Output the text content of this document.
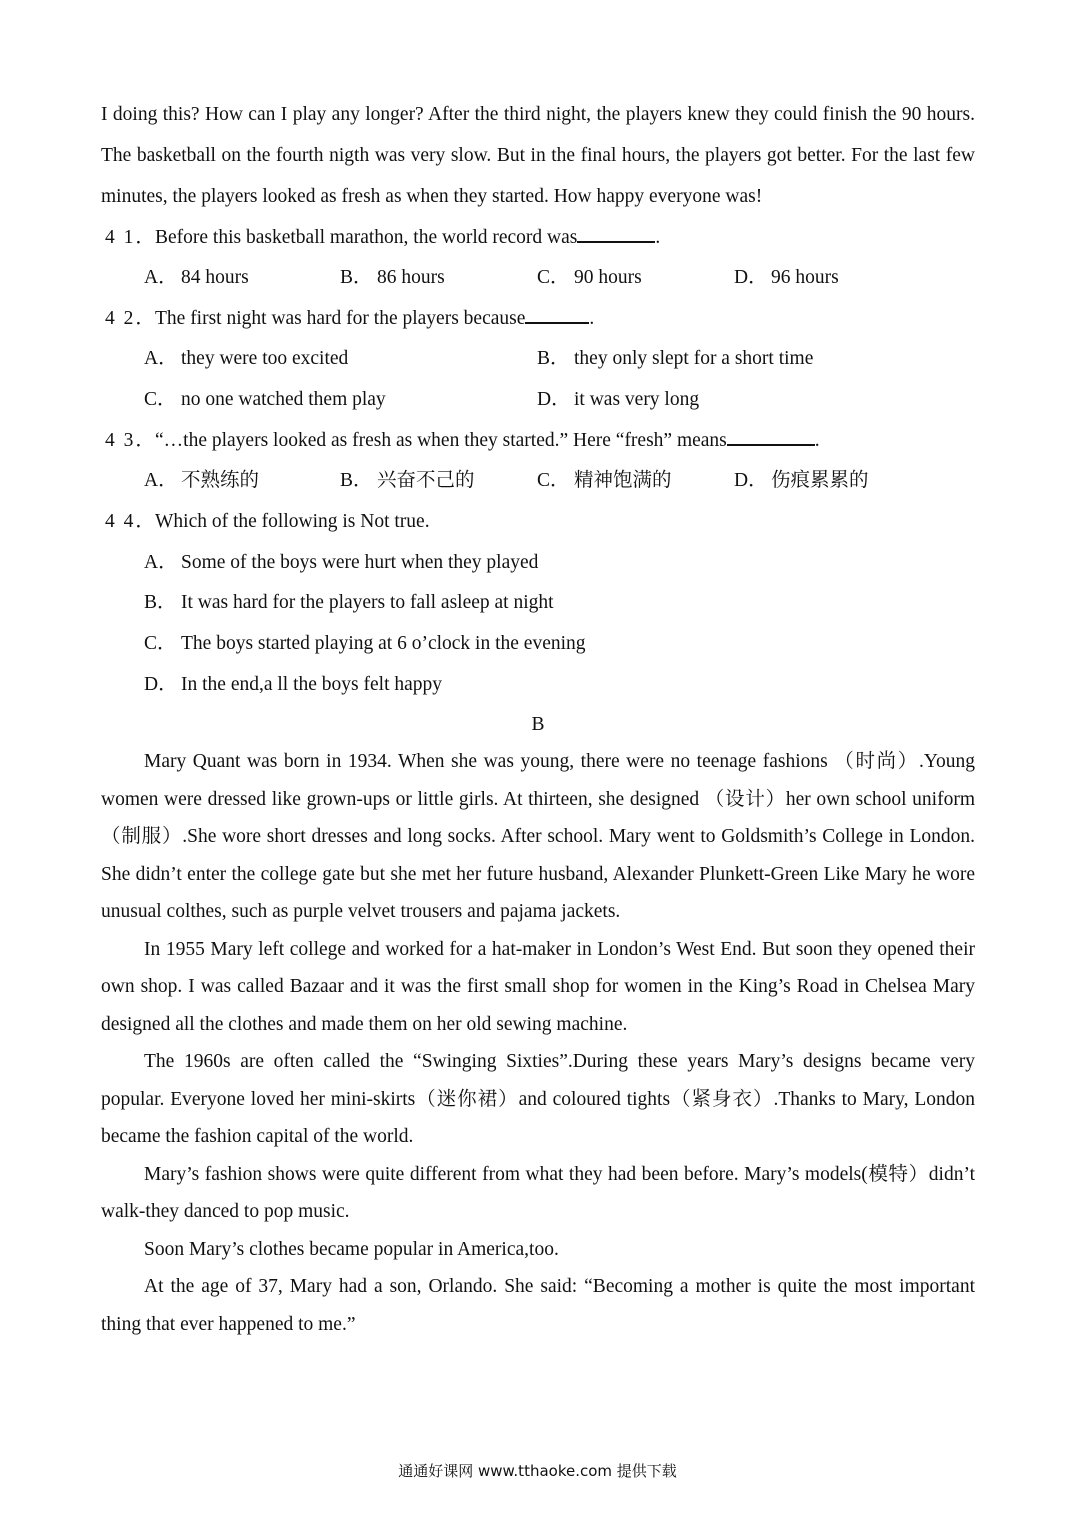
I doing this? How can I play any longer? After the third night, the players knew they could finish the 90 hours. The basketball on the fourth nigth was very slow. But in the final hours, the players got better. For the last few minutes, the players looked as fresh as when they started. How happy everyone was!

4 1．Before this basketball marathon, the world record was	.
A． 84 hours	B． 86 hours	C． 90 hours	D． 96 hours
4 2．The first night was hard for the players because	.
A． they were too excited	B． they only slept for a short time
C． no one watched them play	D． it was very long
4 3．“…the players looked as fresh as when they started.” Here “fresh” means	.
A． 不熟练的	B． 兴奋不己的	C． 精神饱满的	D． 伤痕累累的
4 4．Which of the following is Not true.
A． Some of the boys were hurt when they played
B． It was hard for the players to fall asleep at night
C． The boys started playing at 6 o’clock in the evening
D． In the end,a ll the boys felt happy
B

Mary Quant was born in 1934. When she was young, there were no teenage fashions （时尚）.Young women were dressed like grown-ups or little girls. At thirteen, she designed （设计）her own school uniform（制服）.She wore short dresses and long socks. After school. Mary went to Goldsmith’s College in London. She didn’t enter the college gate but she met her future husband, Alexander Plunkett-Green Like Mary he wore unusual colthes, such as purple velvet trousers and pajama jackets.

In 1955 Mary left college and worked for a hat-maker in London’s West End. But soon they opened their own shop. I was called Bazaar and it was the first small shop for women in the King’s Road in Chelsea Mary designed all the clothes and made them on her old sewing machine.

The 1960s are often called the “Swinging Sixties”.During these years Mary’s designs became very popular. Everyone loved her mini-skirts（迷你裙）and coloured tights（紧身衣）.Thanks to Mary, London became the fashion capital of the world.

Mary’s fashion shows were quite different from what they had been before. Mary’s models(模特）didn’t walk-they danced to pop music.

Soon Mary’s clothes became popular in America,too.

At the age of 37, Mary had a son, Orlando. She said: “Becoming a mother is quite the most important thing that ever happened to me.”

通通好课网 www.tthaoke.com 提供下载
